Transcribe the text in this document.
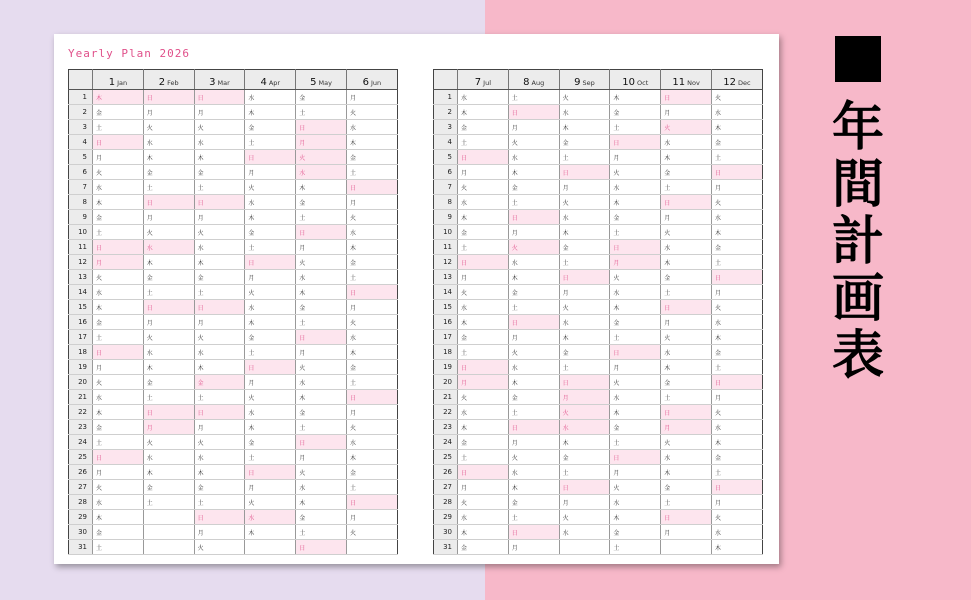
Yearly Plan 2026
	1 Jan	2 Feb	3 Mar	4 Apr	5 May	6 Jun
1	木	日	日	水	金	月
2	金	月	月	木	土	火
3	土	火	火	金	日	水
4	日	水	水	土	月	木
5	月	木	木	日	火	金
6	火	金	金	月	水	土
7	水	土	土	火	木	日
8	木	日	日	水	金	月
9	金	月	月	木	土	火
10	土	火	火	金	日	水
11	日	水	水	土	月	木
12	月	木	木	日	火	金
13	火	金	金	月	水	土
14	水	土	土	火	木	日
15	木	日	日	水	金	月
16	金	月	月	木	土	火
17	土	火	火	金	日	水
18	日	水	水	土	月	木
19	月	木	木	日	火	金
20	火	金	金	月	水	土
21	水	土	土	火	木	日
22	木	日	日	水	金	月
23	金	月	月	木	土	火
24	土	火	火	金	日	水
25	日	水	水	土	月	木
26	月	木	木	日	火	金
27	火	金	金	月	水	土
28	水	土	土	火	木	日
29	木		日	水	金	月
30	金		月	木	土	火
31	土		火		日	
	7 Jul	8 Aug	9 Sep	10 Oct	11 Nov	12 Dec
1	水	土	火	木	日	火
2	木	日	水	金	月	水
3	金	月	木	土	火	木
4	土	火	金	日	水	金
5	日	水	土	月	木	土
6	月	木	日	火	金	日
7	火	金	月	水	土	月
8	水	土	火	木	日	火
9	木	日	水	金	月	水
10	金	月	木	土	火	木
11	土	火	金	日	水	金
12	日	水	土	月	木	土
13	月	木	日	火	金	日
14	火	金	月	水	土	月
15	水	土	火	木	日	火
16	木	日	水	金	月	水
17	金	月	木	土	火	木
18	土	火	金	日	水	金
19	日	水	土	月	木	土
20	月	木	日	火	金	日
21	火	金	月	水	土	月
22	水	土	火	木	日	火
23	木	日	水	金	月	水
24	金	月	木	土	火	木
25	土	火	金	日	水	金
26	日	水	土	月	木	土
27	月	木	日	火	金	日
28	火	金	月	水	土	月
29	水	土	火	木	日	火
30	木	日	水	金	月	水
31	金	月		土		木
年
間
計
画
表
